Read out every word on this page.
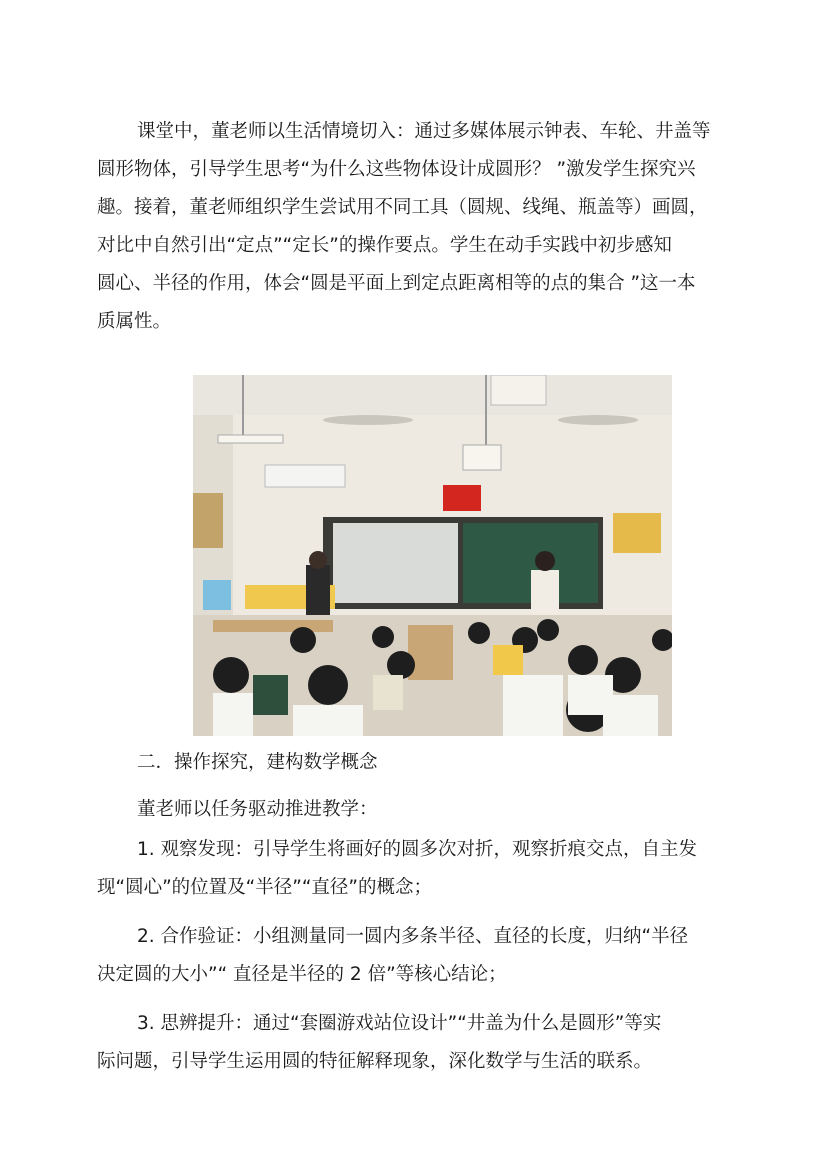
课堂中，董老师以生活情境切入：通过多媒体展示钟表、车轮、井盖等
圆形物体，引导学生思考“为什么这些物体设计成圆形？ ”激发学生探究兴
趣。接着，董老师组织学生尝试用不同工具（圆规、线绳、瓶盖等）画圆，
对比中自然引出“定点”“定长”的操作要点。学生在动手实践中初步感知
圆心、半径的作用，体会“圆是平面上到定点距离相等的点的集合 ”这一本
质属性。
二．操作探究，建构数学概念
董老师以任务驱动推进教学：
1. 观察发现：引导学生将画好的圆多次对折，观察折痕交点，自主发
现“圆心”的位置及“半径”“直径”的概念；
2. 合作验证：小组测量同一圆内多条半径、直径的长度，归纳“半径
决定圆的大小”“ 直径是半径的 2 倍”等核心结论；
3. 思辨提升：通过“套圈游戏站位设计”“井盖为什么是圆形”等实
际问题，引导学生运用圆的特征解释现象，深化数学与生活的联系。
